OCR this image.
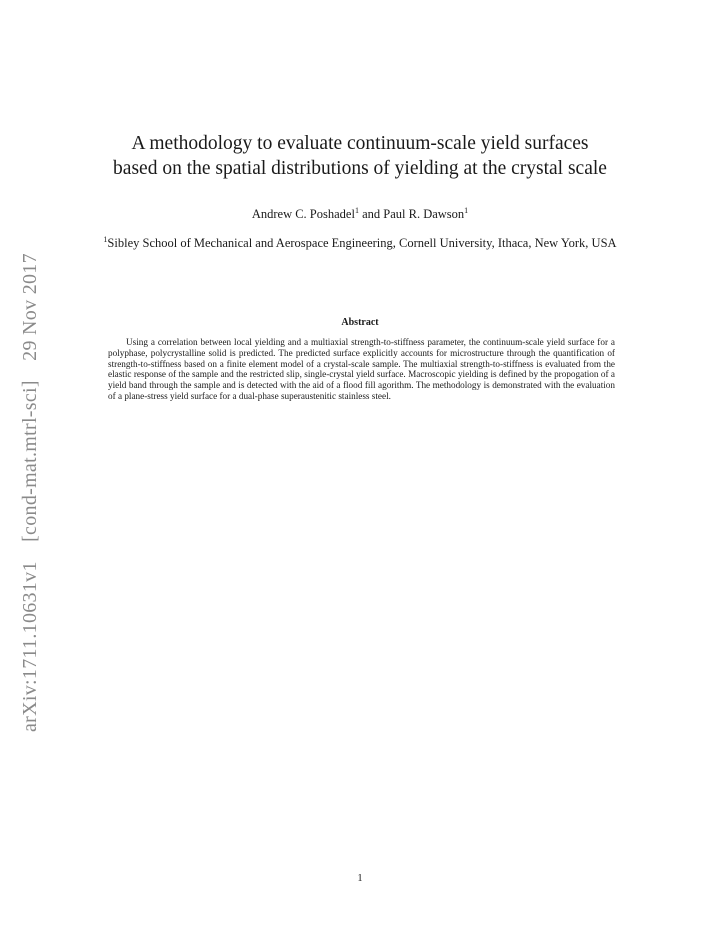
arXiv:1711.10631v1 [cond-mat.mtrl-sci] 29 Nov 2017
A methodology to evaluate continuum-scale yield surfaces
based on the spatial distributions of yielding at the crystal scale
Andrew C. Poshadel$^1$ and Paul R. Dawson$^1$
$^1$Sibley School of Mechanical and Aerospace Engineering, Cornell University, Ithaca, New York, USA
Abstract

Using a correlation between local yielding and a multiaxial strength-to-stiffness parameter, the continuum-scale yield surface for a polyphase, polycrystalline solid is predicted. The predicted surface explicitly accounts for microstructure through the quantification of strength-to-stiffness based on a finite element model of a crystal-scale sample. The multiaxial strength-to-stiffness is evaluated from the elastic response of the sample and the restricted slip, single-crystal yield surface. Macroscopic yielding is defined by the propogation of a yield band through the sample and is detected with the aid of a flood fill agorithm. The methodology is demonstrated with the evaluation of a plane-stress yield surface for a dual-phase superaustenitic stainless steel.

1
